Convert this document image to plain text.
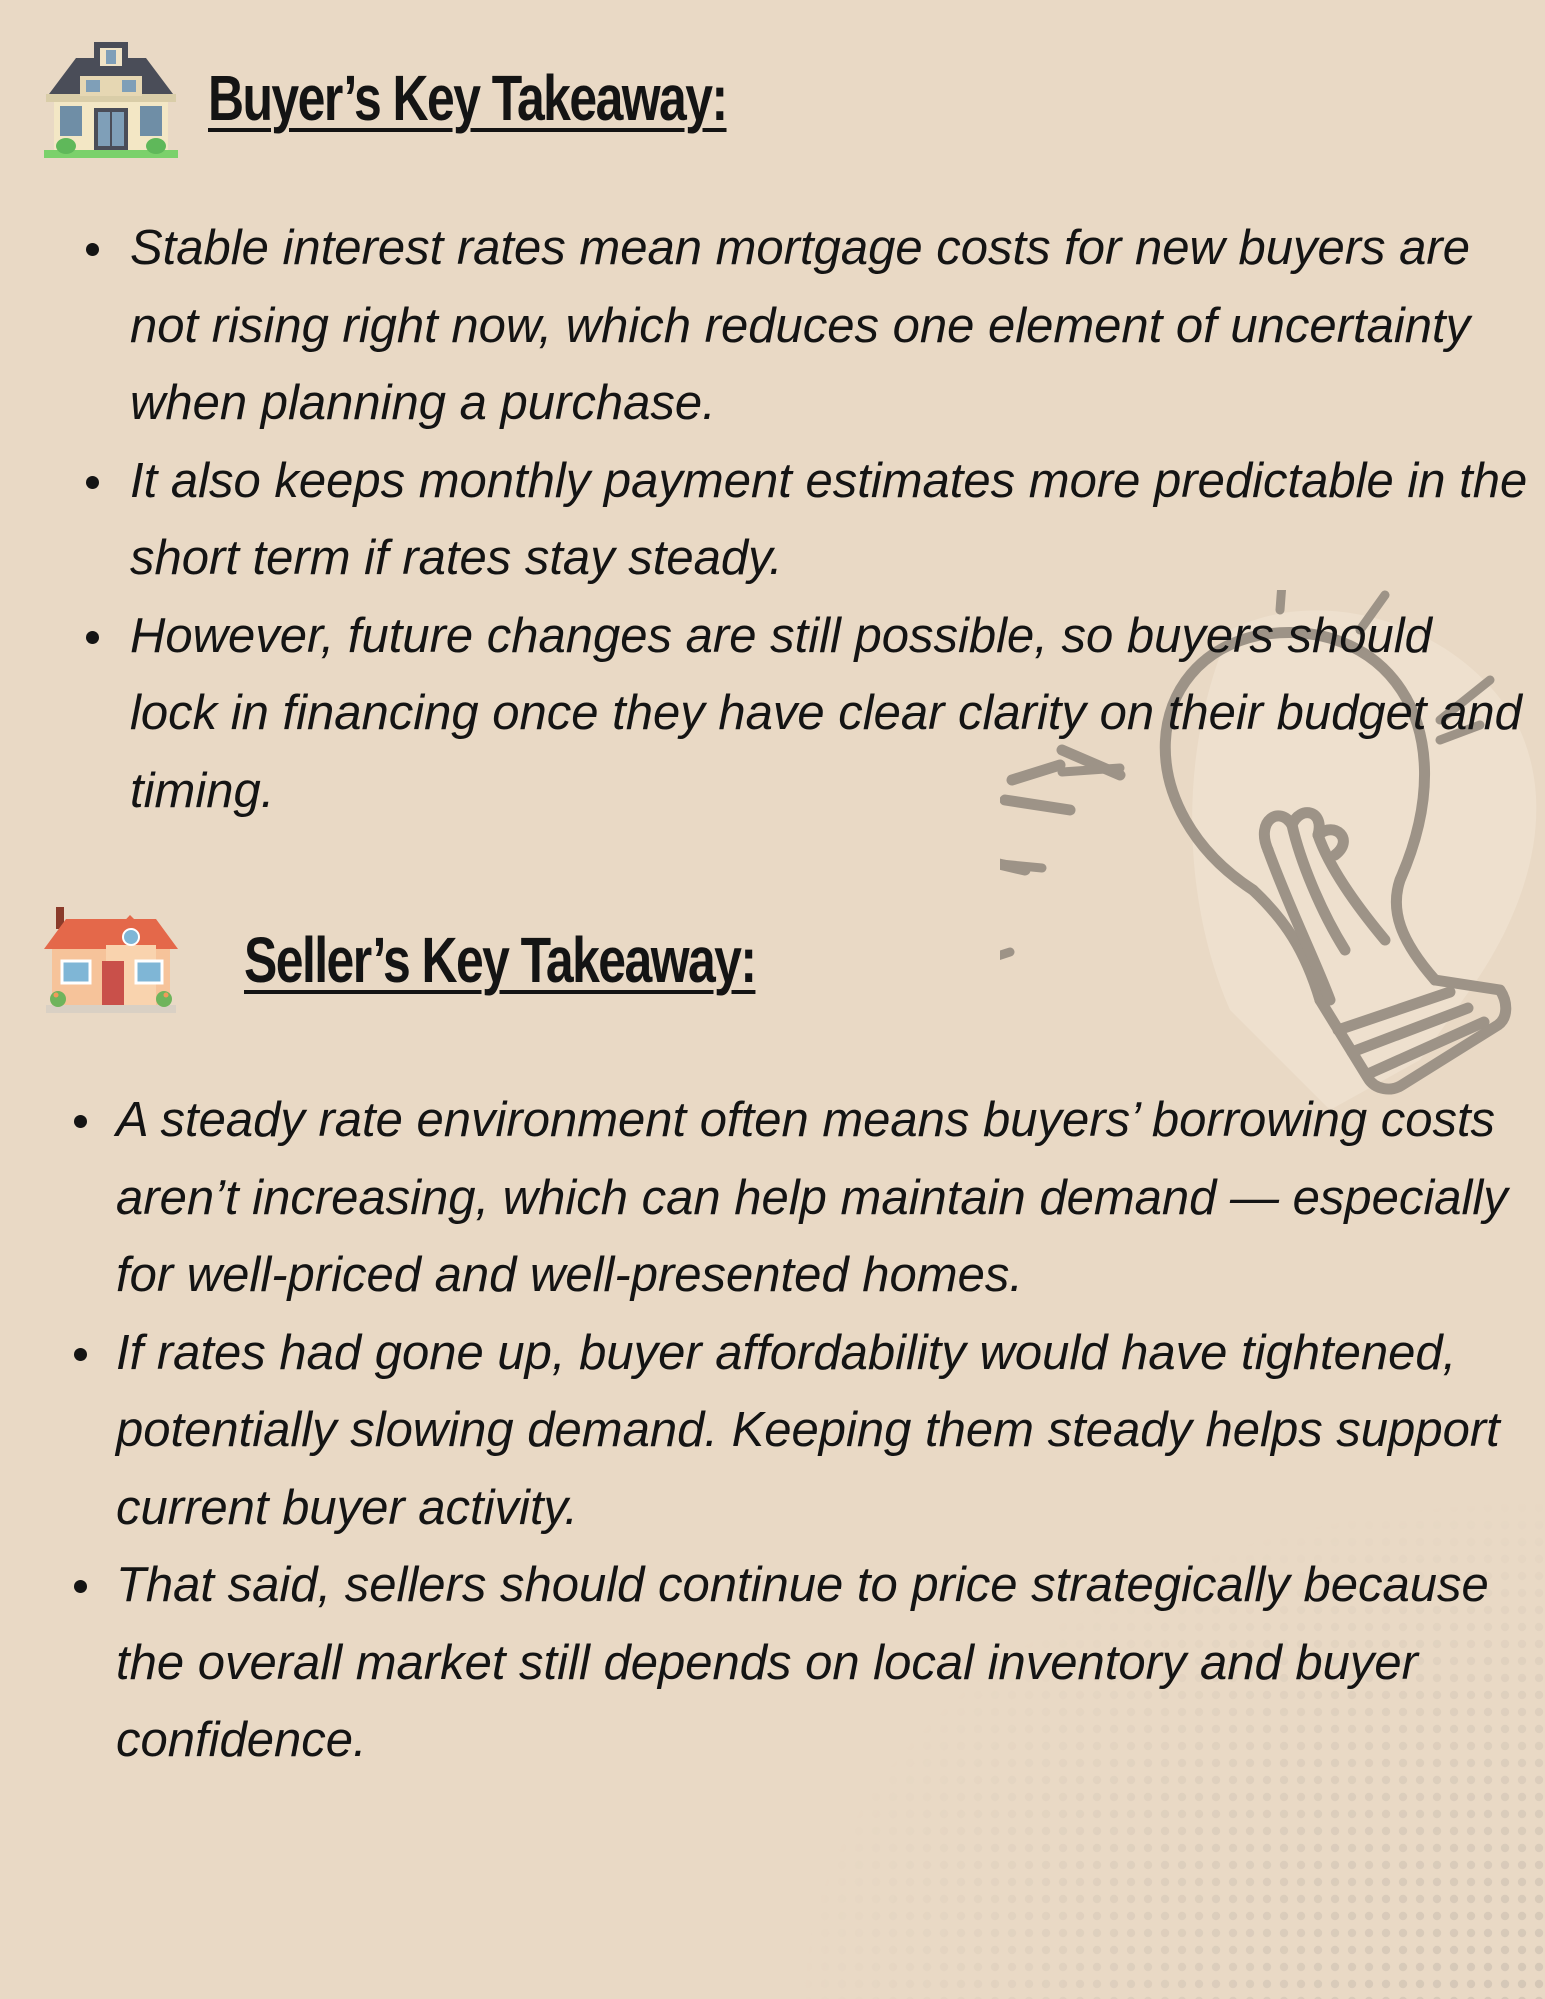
Buyer’s Key Takeaway:
Stable interest rates mean mortgage costs for new buyers are not rising right now, which reduces one element of uncertainty when planning a purchase.
It also keeps monthly payment estimates more predictable in the short term if rates stay steady.
However, future changes are still possible, so buyers should lock in financing once they have clear clarity on their budget and timing.
Seller’s Key Takeaway:
A steady rate environment often means buyers’ borrowing costs aren’t increasing, which can help maintain demand — especially for well-priced and well-presented homes.
If rates had gone up, buyer affordability would have tightened, potentially slowing demand. Keeping them steady helps support current buyer activity.
That said, sellers should continue to price strategically because the overall market still depends on local inventory and buyer confidence.
